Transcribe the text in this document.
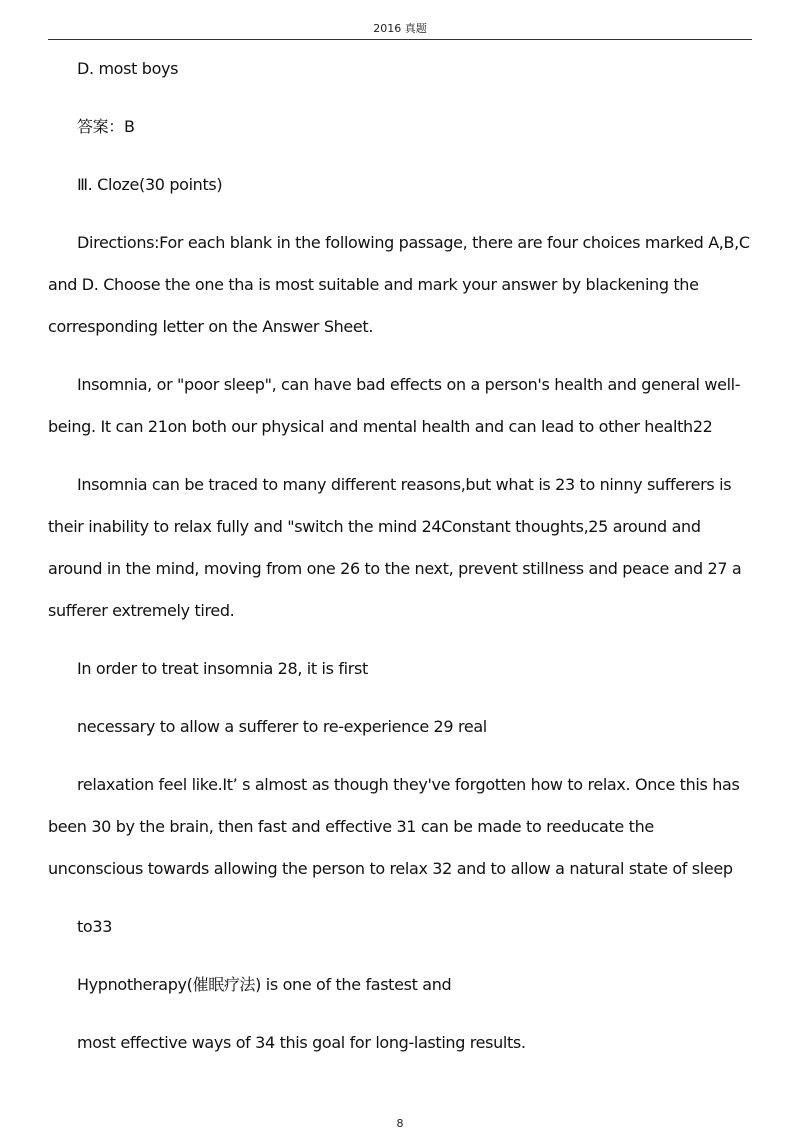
2016 真题

D. most boys

答案：B

Ⅲ. Cloze(30 points)

Directions:For each blank in the following passage, there are four choices marked A,B,C and D. Choose the one tha is most suitable and mark your answer by blackening the corresponding letter on the Answer Sheet.

Insomnia, or "poor sleep", can have bad effects on a person's health and general well-being. It can 21on both our physical and mental health and can lead to other health22

Insomnia can be traced to many different reasons,but what is 23 to ninny sufferers is their inability to relax fully and "switch the mind 24Constant thoughts,25 around and around in the mind, moving from one 26 to the next, prevent stillness and peace and 27 a sufferer extremely tired.

In order to treat insomnia 28, it is first

necessary to allow a sufferer to re-experience 29 real

relaxation feel like.It’ s almost as though they've forgotten how to relax. Once this has been 30 by the brain, then fast and effective 31 can be made to reeducate the unconscious towards allowing the person to relax 32 and to allow a natural state of sleep

to33

Hypnotherapy(催眠疗法) is one of the fastest and

most effective ways of 34 this goal for long-lasting results.

8
